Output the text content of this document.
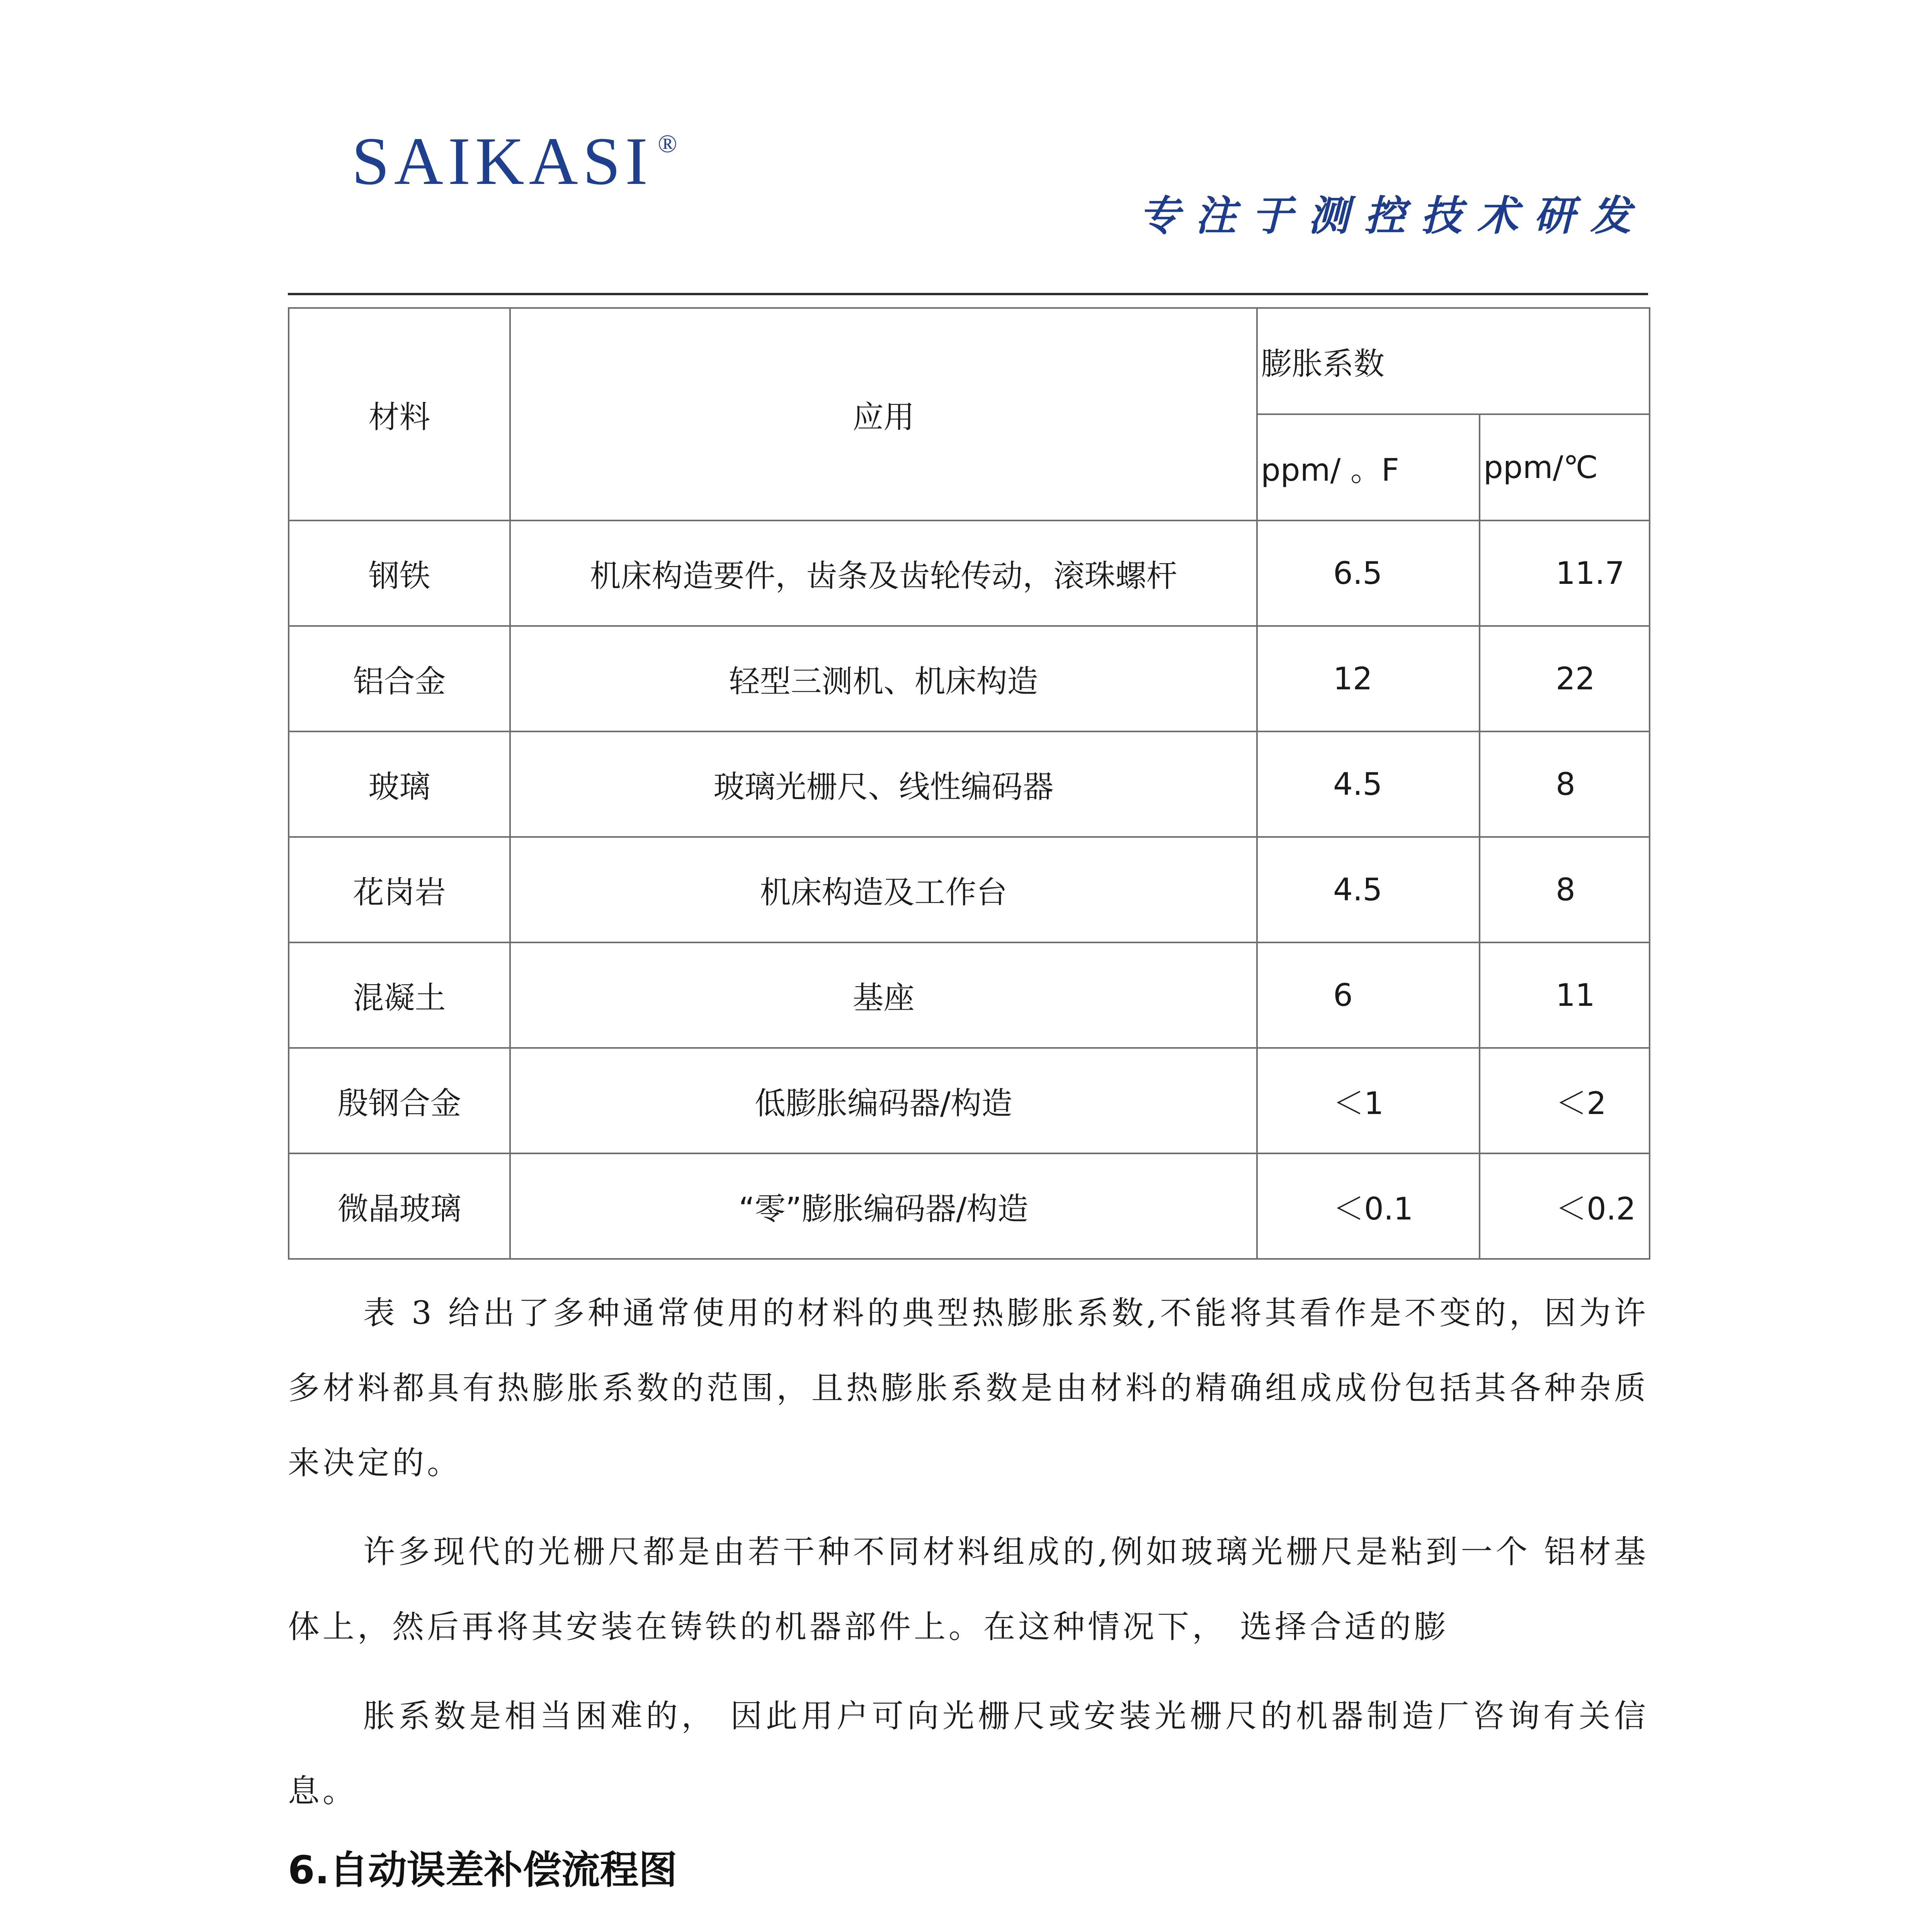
SAIKASI ®
专注于测控技术研发
材料	应用	膨胀系数	
		ppm/ 。F	ppm/℃
钢铁	机床构造要件，齿条及齿轮传动，滚珠螺杆	6.5	11.7
铝合金	轻型三测机、机床构造	12	22
玻璃	玻璃光栅尺、线性编码器	4.5	8
花岗岩	机床构造及工作台	4.5	8
混凝土	基座	6	11
殷钢合金	低膨胀编码器/构造	＜1	＜2
微晶玻璃	“零”膨胀编码器/构造	＜0.1	＜0.2

表 3 给出了多种通常使用的材料的典型热膨胀系数,不能将其看作是不变的，因为许多材料都具有热膨胀系数的范围，且热膨胀系数是由材料的精确组成成份包括其各种杂质来决定的。

许多现代的光栅尺都是由若干种不同材料组成的,例如玻璃光栅尺是粘到一个 铝材基体上，然后再将其安装在铸铁的机器部件上。在这种情况下， 选择合适的膨

胀系数是相当困难的， 因此用户可向光栅尺或安装光栅尺的机器制造厂咨询有关信息。

6.自动误差补偿流程图
